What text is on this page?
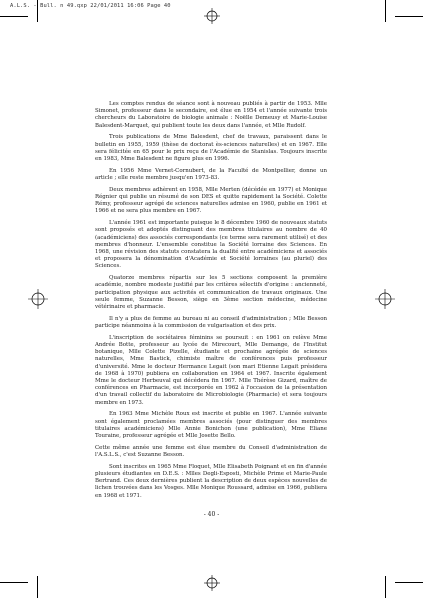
A.L.S. - Bull. n 49.qxp 22/01/2011 16:06 Page 40

Les comptes rendus de séance sont à nouveau publiés à partir de 1953. Mlle Simonet, professeur dans le secondaire, est élue en 1954 et l'année suivante trois chercheurs du Laboratoire de biologie animale : Noëlle Demeusy et Marie-Louise Balesdent-Marquet, qui publient toute les deux dans l'année, et Mlle Rudolf.

Trois publications de Mme Balesdent, chef de travaux, paraissent dans le bulletin en 1955, 1959 (thèse de doctorat ès-sciences naturelles) et en 1967. Elle sera félicitée en 65 pour le prix reçu de l'Académie de Stanislas. Toujours inscrite en 1983, Mme Balesdent ne figure plus en 1996.

En 1956 Mme Vernet-Cornubert, de la Faculté de Montpellier, donne un article ; elle reste membre jusqu'en 1973-83.

Deux membres adhèrent en 1958, Mlle Merten (décédée en 1977) et Monique Régnier qui publie un résumé de son DES et quitte rapidement la Société. Colette Rémy, professeur agrégé de sciences naturelles admise en 1960, publie en 1961 et 1966 et ne sera plus membre en 1967.

L'année 1961 est importante puisque le 8 décembre 1960 de nouveaux statuts sont proposés et adoptés distinguant des membres titulaires au nombre de 40 (académiciens) des associés correspondants (ce terme sera rarement utilisé) et des membres d'honneur. L'ensemble constitue la Société lorraine des Sciences. En 1968, une révision des statuts constatera la dualité entre académiciens et associés et proposera la dénomination d'Académie et Société lorraines (au pluriel) des Sciences.

Quatorze membres répartis sur les 5 sections composent la première académie, nombre modeste justifié par les critères sélectifs d'origine : ancienneté, participation physique aux activités et communication de travaux originaux. Une seule femme, Suzanne Besson, siège en 3ème section médecine, médecine vétérinaire et pharmacie.

Il n'y a plus de femme au bureau ni au conseil d'administration ; Mlle Besson participe néanmoins à la commission de vulgarisation et des prix.

L'inscription de sociétaires féminins se poursuit : en 1961 on relève Mme Andrée Botte, professeur au lycée de Mirecourt, Mlle Demange, de l'Institut botanique, Mlle Colette Pizelle, étudiante et prochaine agrégée de sciences naturelles, Mme Bastick, chimiste maître de conférences puis professeur d'université. Mme le docteur Hermance Legait (son mari Etienne Legait présidera de 1968 à 1970) publiera en collaboration en 1964 et 1967. Inscrite également Mme le docteur Herbeuval qui décédera fin 1967. Mlle Thérèse Gizard, maître de conférences en Pharmacie, est incorporée en 1962 à l'occasion de la présentation d'un travail collectif du laboratoire de Microbiologie (Pharmacie) et sera toujours membre en 1973.

En 1963 Mme Michèle Roux est inscrite et publie en 1967. L'année suivante sont également proclamées membres associés (pour distinguer des membres titulaires académiciens) Mlle Annie Bonichon (une publication), Mme Eliane Touraine, professeur agrégée et Mlle Josette Bello.

Cette même année une femme est élue membre du Conseil d'administration de l'A.S.L.S., c'est Suzanne Besson.

Sont inscrites en 1965 Mme Floquet, Mlle Elisabeth Poignant et en fin d'année plusieurs étudiantes en D.E.S. : Mlles Degli-Esposti, Michèle Prime et Marie-Paule Bertrand. Ces deux dernières publient la description de deux espèces nouvelles de lichen trouvées dans les Vosges. Mlle Monique Roussard, admise en 1966, publiera en 1968 et 1971.

- 40 -
